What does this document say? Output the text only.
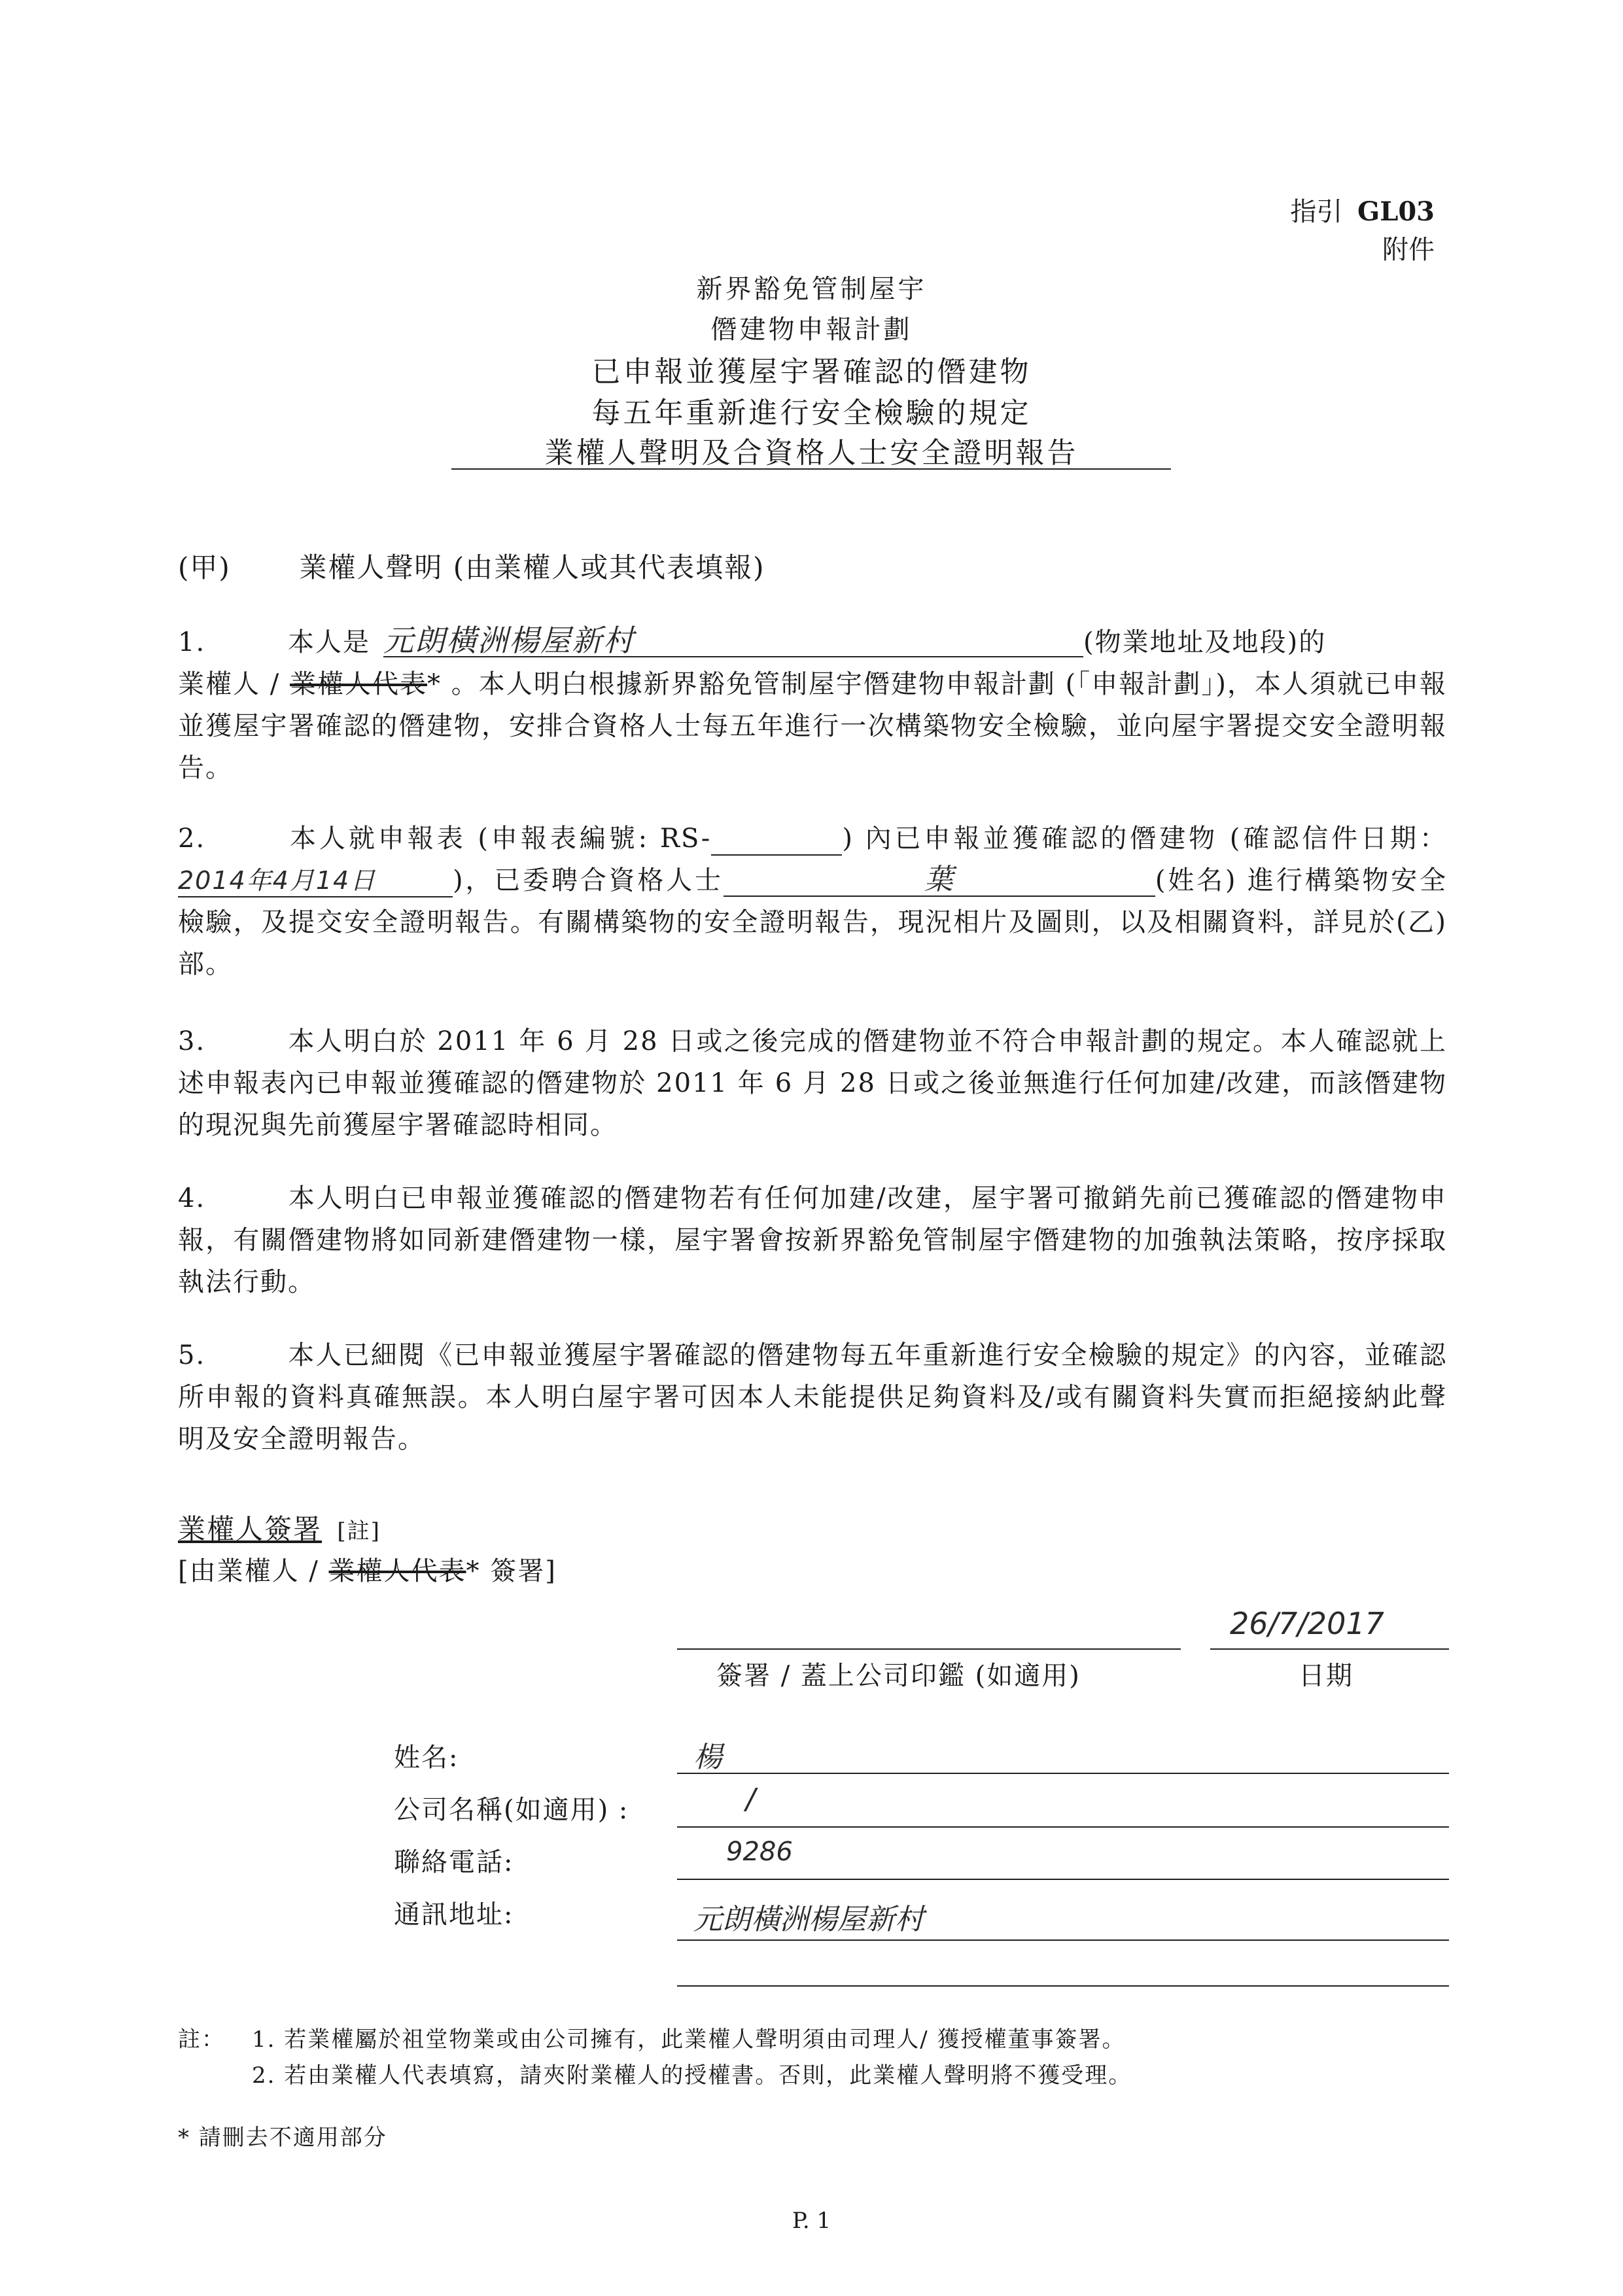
指引 GL03
附件
新界豁免管制屋宇
僭建物申報計劃
已申報並獲屋宇署確認的僭建物
每五年重新進行安全檢驗的規定
業權人聲明及合資格人士安全證明報告
(甲) 業權人聲明 (由業權人或其代表填報)
1.	本人是 元朗橫洲楊屋新村	(物業地址及地段)的
業權人 / 業權人代表* 。本人明白根據新界豁免管制屋宇僭建物申報計劃 (「申報計劃」)，本人須就已申報並獲屋宇署確認的僭建物，安排合資格人士每五年進行一次構築物安全檢驗，並向屋宇署提交安全證明報告。
2.	本人就申報表 (申報表編號: RS-	) 內已申報並獲確認的僭建物 (確認信件日期：2014年4月14日	)，已委聘合資格人士	葉	(姓名) 進行構築物安全檢驗，及提交安全證明報告。有關構築物的安全證明報告，現況相片及圖則，以及相關資料，詳見於(乙)部。
3.	本人明白於 2011 年 6 月 28 日或之後完成的僭建物並不符合申報計劃的規定。本人確認就上述申報表內已申報並獲確認的僭建物於 2011 年 6 月 28 日或之後並無進行任何加建/改建，而該僭建物的現況與先前獲屋宇署確認時相同。
4.	本人明白已申報並獲確認的僭建物若有任何加建/改建，屋宇署可撤銷先前已獲確認的僭建物申報，有關僭建物將如同新建僭建物一樣，屋宇署會按新界豁免管制屋宇僭建物的加強執法策略，按序採取執法行動。
5.	本人已細閱《已申報並獲屋宇署確認的僭建物每五年重新進行安全檢驗的規定》的內容，並確認所申報的資料真確無誤。本人明白屋宇署可因本人未能提供足夠資料及/或有關資料失實而拒絕接納此聲明及安全證明報告。
業權人簽署 [註]
[由業權人 / 業權人代表* 簽署]
簽署 / 蓋上公司印鑑 (如適用)
26/7/2017
日期
姓名:	楊
公司名稱(如適用) :	/
聯絡電話:	9286
通訊地址:	元朗橫洲楊屋新村
註： 1. 若業權屬於祖堂物業或由公司擁有，此業權人聲明須由司理人/ 獲授權董事簽署。
2. 若由業權人代表填寫，請夾附業權人的授權書。否則，此業權人聲明將不獲受理。
* 請刪去不適用部分
P. 1
